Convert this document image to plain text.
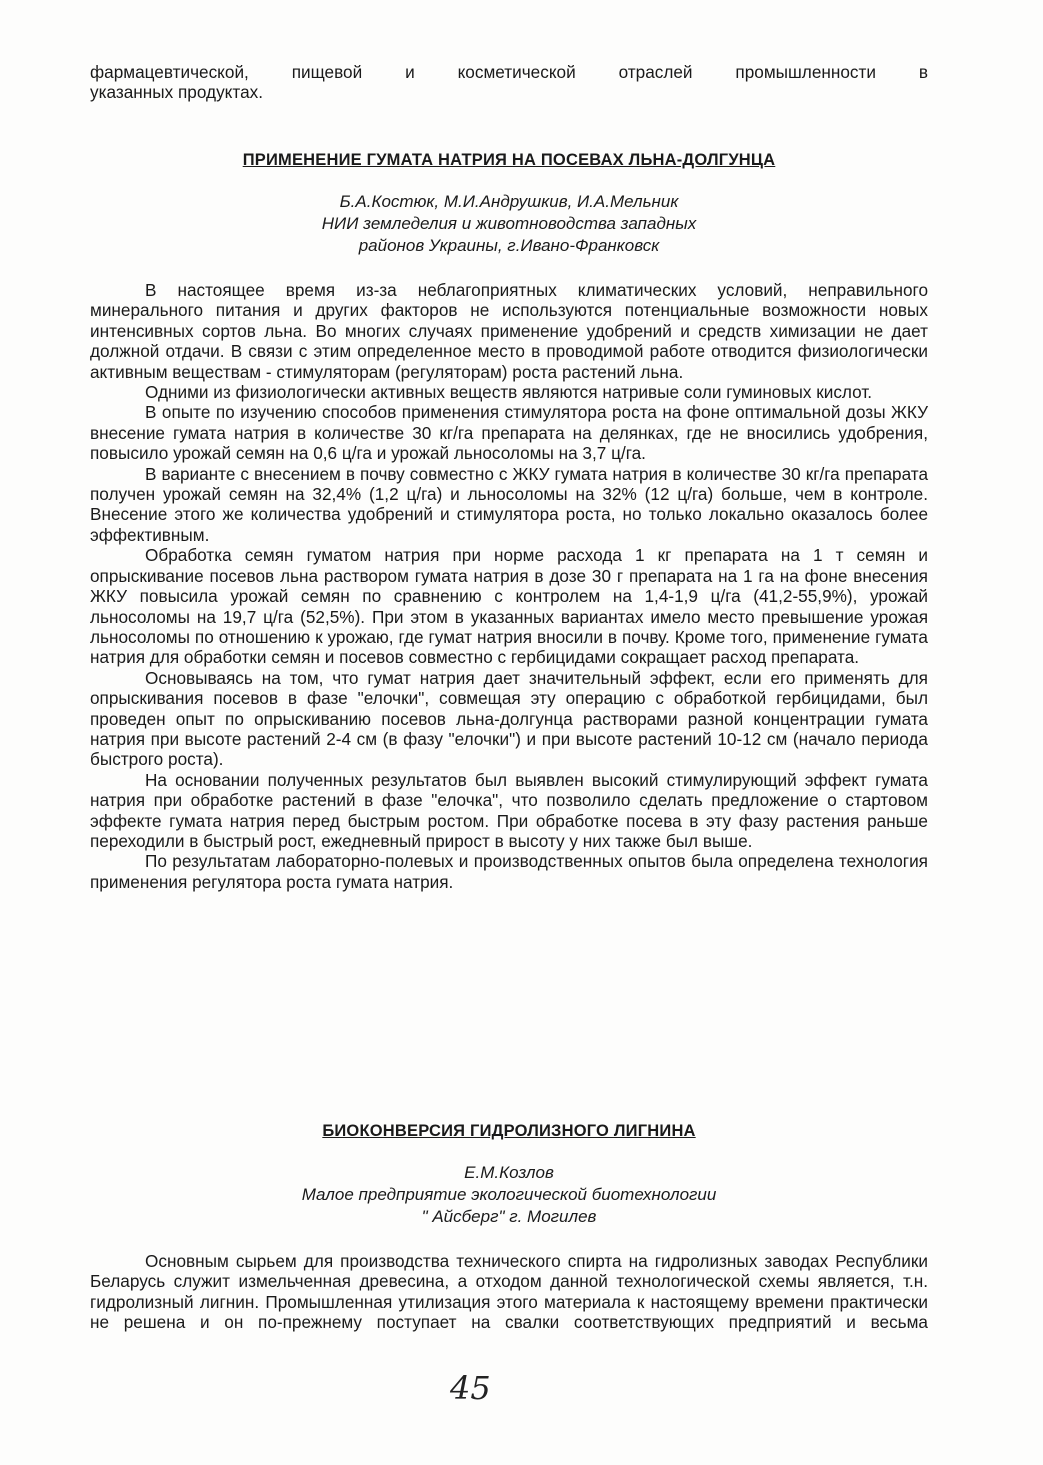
фармацевтической, пищевой и косметической отраслей промышленности в

указанных продуктах.

ПРИМЕНЕНИЕ ГУМАТА НАТРИЯ НА ПОСЕВАХ ЛЬНА-ДОЛГУНЦА
Б.А.Костюк, М.И.Андрушкив, И.А.Мельник
НИИ земледелия и животноводства западных
районов Украины, г.Ивано-Франковск

В настоящее время из-за неблагоприятных климатических условий, неправильного минерального питания и других факторов не используются потенциальные возможности новых интенсивных сортов льна. Во многих случаях применение удобрений и средств химизации не дает должной отдачи. В связи с этим определенное место в проводимой работе отводится физиологически активным веществам - стимуляторам (регуляторам) роста растений льна.

Одними из физиологически активных веществ являются натривые соли гуминовых кислот.

В опыте по изучению способов применения стимулятора роста на фоне оптимальной дозы ЖКУ внесение гумата натрия в количестве 30 кг/га препарата на делянках, где не вносились удобрения, повысило урожай семян на 0,6 ц/га и урожай льносоломы на 3,7 ц/га.

В варианте с внесением в почву совместно с ЖКУ гумата натрия в количестве 30 кг/га препарата получен урожай семян на 32,4% (1,2 ц/га) и льносоломы на 32% (12 ц/га) больше, чем в контроле. Внесение этого же количества удобрений и стимулятора роста, но только локально оказалось более эффективным.

Обработка семян гуматом натрия при норме расхода 1 кг препарата на 1 т семян и опрыскивание посевов льна раствором гумата натрия в дозе 30 г препарата на 1 га на фоне внесения ЖКУ повысила урожай семян по сравнению с контролем на 1,4-1,9 ц/га (41,2-55,9%), урожай льносоломы на 19,7 ц/га (52,5%). При этом в указанных вариантах имело место превышение урожая льносоломы по отношению к урожаю, где гумат натрия вносили в почву. Кроме того, применение гумата натрия для обработки семян и посевов совместно с гербицидами сокращает расход препарата.

Основываясь на том, что гумат натрия дает значительный эффект, если его применять для опрыскивания посевов в фазе "елочки", совмещая эту операцию с обработкой гербицидами, был проведен опыт по опрыскиванию посевов льна-долгунца растворами разной концентрации гумата натрия при высоте растений 2-4 см (в фазу "елочки") и при высоте растений 10-12 см (начало периода быстрого роста).

На основании полученных результатов был выявлен высокий стимулирующий эффект гумата натрия при обработке растений в фазе "елочка", что позволило сделать предложение о стартовом эффекте гумата натрия перед быстрым ростом. При обработке посева в эту фазу растения раньше переходили в быстрый рост, ежедневный прирост в высоту у них также был выше.

По результатам лабораторно-полевых и производственных опытов была определена технология применения регулятора роста гумата натрия.

БИОКОНВЕРСИЯ ГИДРОЛИЗНОГО ЛИГНИНА
Е.М.Козлов
Малое предприятие экологической биотехнологии
" Айсберг" г. Могилев

Основным сырьем для производства технического спирта на гидролизных заводах Республики Беларусь служит измельченная древесина, а отходом данной технологической схемы является, т.н. гидролизный лигнин. Промышленная утилизация этого материала к настоящему времени практически не решена и он по-прежнему поступает на свалки соответствующих предприятий и весьма

45
